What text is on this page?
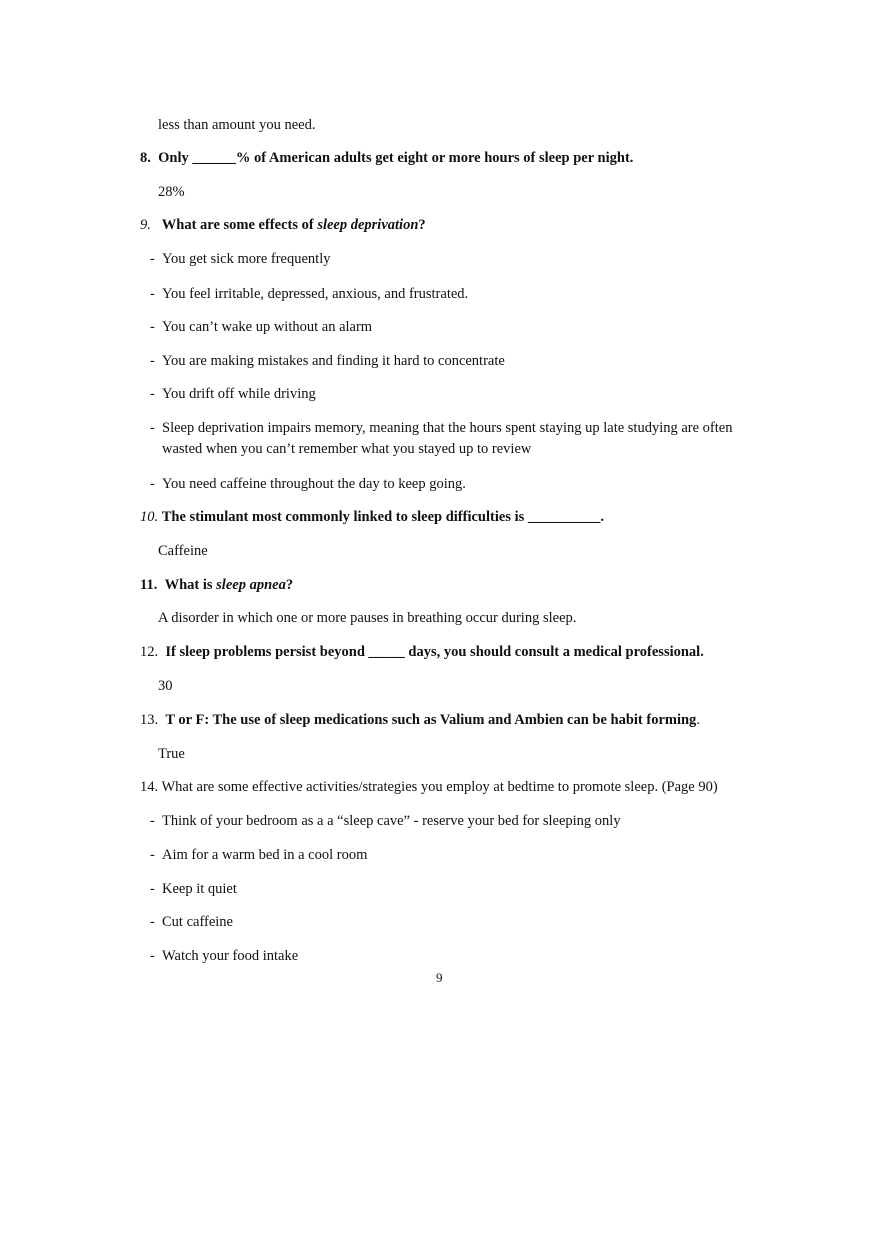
less than amount you need.
8. Only ______% of American adults get eight or more hours of sleep per night.
28%
9. What are some effects of sleep deprivation?
- You get sick more frequently
- You feel irritable, depressed, anxious, and frustrated.
- You can’t wake up without an alarm
- You are making mistakes and finding it hard to concentrate
- You drift off while driving
- Sleep deprivation impairs memory, meaning that the hours spent staying up late studying are often
wasted when you can’t remember what you stayed up to review
- You need caffeine throughout the day to keep going.
10. The stimulant most commonly linked to sleep difficulties is __________.
Caffeine
11. What is sleep apnea?
A disorder in which one or more pauses in breathing occur during sleep.
12. If sleep problems persist beyond _____ days, you should consult a medical professional.
30
13. T or F: The use of sleep medications such as Valium and Ambien can be habit forming.
True
14. What are some effective activities/strategies you employ at bedtime to promote sleep. (Page 90)
- Think of your bedroom as a a “sleep cave” - reserve your bed for sleeping only
- Aim for a warm bed in a cool room
- Keep it quiet
- Cut caffeine
- Watch your food intake
9
